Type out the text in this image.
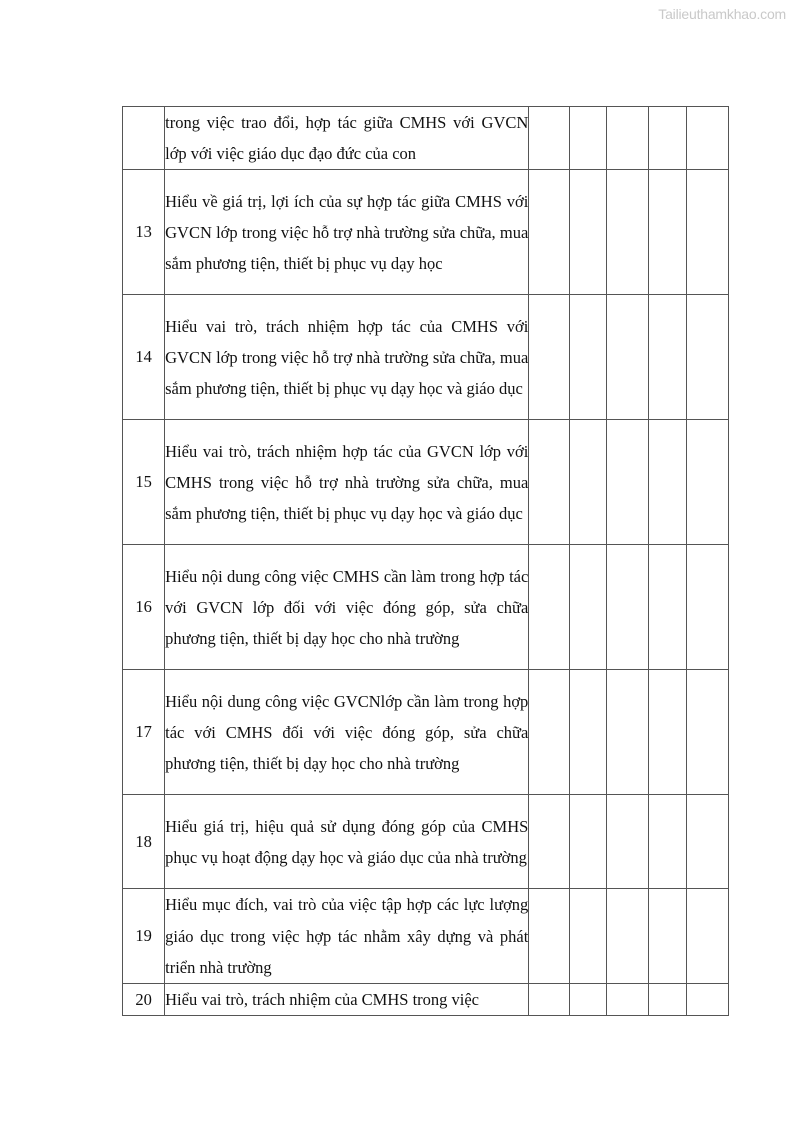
Tailieuthamkhao.com

	trong việc trao đổi, hợp tác giữa CMHS với GVCN lớp với việc giáo dục đạo đức của con					

13	Hiểu về giá trị, lợi ích của sự hợp tác giữa CMHS với GVCN lớp trong việc hỗ trợ nhà trường sửa chữa, mua sắm phương tiện, thiết bị phục vụ dạy học					

14	Hiểu vai trò, trách nhiệm hợp tác của CMHS với GVCN lớp trong việc hỗ trợ nhà trường sửa chữa, mua sắm phương tiện, thiết bị phục vụ dạy học và giáo dục					

15	Hiểu vai trò, trách nhiệm hợp tác của GVCN lớp với CMHS trong việc hỗ trợ nhà trường sửa chữa, mua sắm phương tiện, thiết bị phục vụ dạy học và giáo dục					

16	Hiểu nội dung công việc CMHS cần làm trong hợp tác với GVCN lớp đối với việc đóng góp, sửa chữa phương tiện, thiết bị dạy học cho nhà trường					

17	Hiểu nội dung công việc GVCNlớp cần làm trong hợp tác với CMHS đối với việc đóng góp, sửa chữa phương tiện, thiết bị dạy học cho nhà trường					

18	Hiểu giá trị, hiệu quả sử dụng đóng góp của CMHS phục vụ hoạt động dạy học và giáo dục của nhà trường					

19	Hiểu mục đích, vai trò của việc tập hợp các lực lượng giáo dục trong việc hợp tác nhằm xây dựng và phát triển nhà trường					

20	Hiểu vai trò, trách nhiệm của CMHS trong việc					
